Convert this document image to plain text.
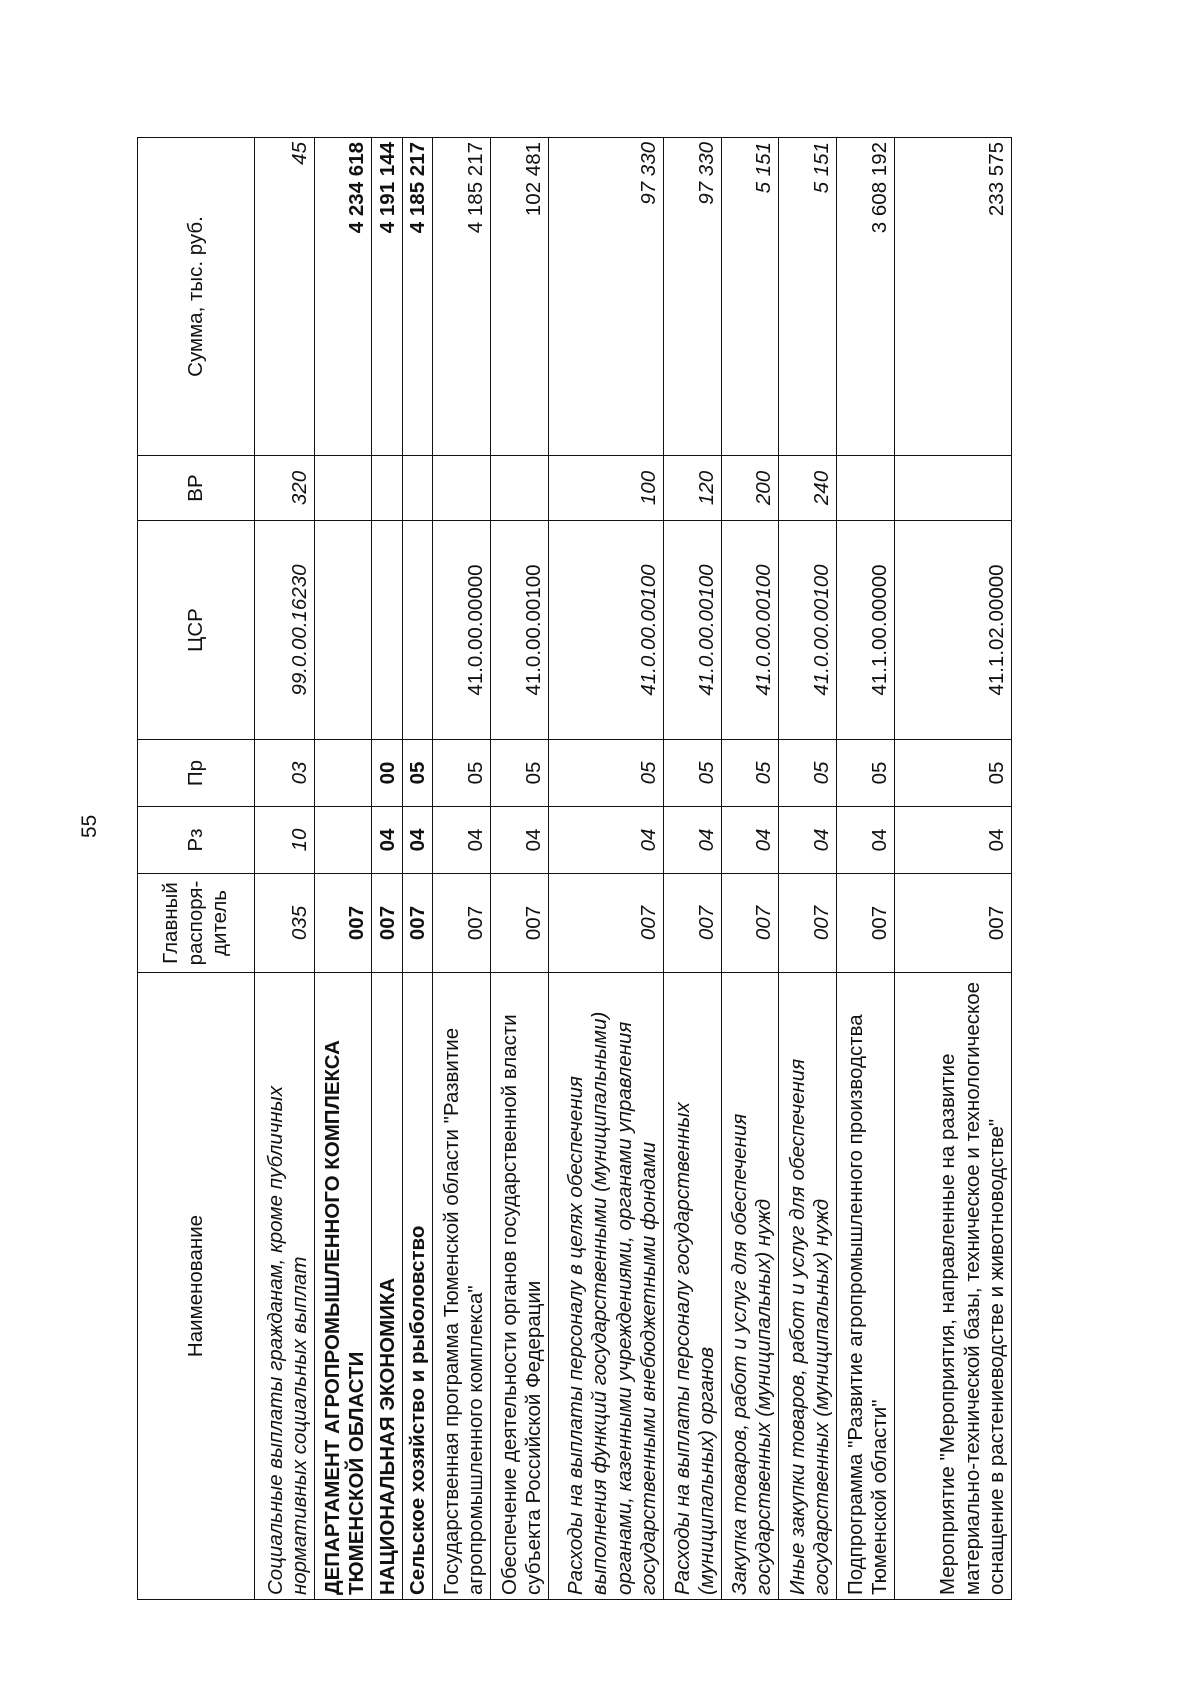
55
Наименование	Главный распоря- дитель	Рз	Пр	ЦСР	ВР	Сумма, тыс. руб.
Социальные выплаты гражданам, кроме публичных нормативных социальных выплат	035	10	03	99.0.00.16230	320	45
ДЕПАРТАМЕНТ АГРОПРОМЫШЛЕННОГО КОМПЛЕКСА ТЮМЕНСКОЙ ОБЛАСТИ	007					4 234 618
НАЦИОНАЛЬНАЯ ЭКОНОМИКА	007	04	00			4 191 144
Сельское хозяйство и рыболовство	007	04	05			4 185 217
Государственная программа Тюменской области "Развитие агропромышленного комплекса"	007	04	05	41.0.00.00000		4 185 217
Обеспечение деятельности органов государственной власти субъекта Российской Федерации	007	04	05	41.0.00.00100		102 481
Расходы на выплаты персоналу в целях обеспечения выполнения функций государственными (муниципальными) органами, казенными учреждениями, органами управления государственными внебюджетными фондами	007	04	05	41.0.00.00100	100	97 330
Расходы на выплаты персоналу государственных (муниципальных) органов	007	04	05	41.0.00.00100	120	97 330
Закупка товаров, работ и услуг для обеспечения государственных (муниципальных) нужд	007	04	05	41.0.00.00100	200	5 151
Иные закупки товаров, работ и услуг для обеспечения государственных (муниципальных) нужд	007	04	05	41.0.00.00100	240	5 151
Подпрограмма "Развитие агропромышленного производства Тюменской области"	007	04	05	41.1.00.00000		3 608 192
Мероприятие "Мероприятия, направленные на развитие материально-технической базы, техническое и технологическое оснащение в растениеводстве и животноводстве"	007	04	05	41.1.02.00000		233 575
